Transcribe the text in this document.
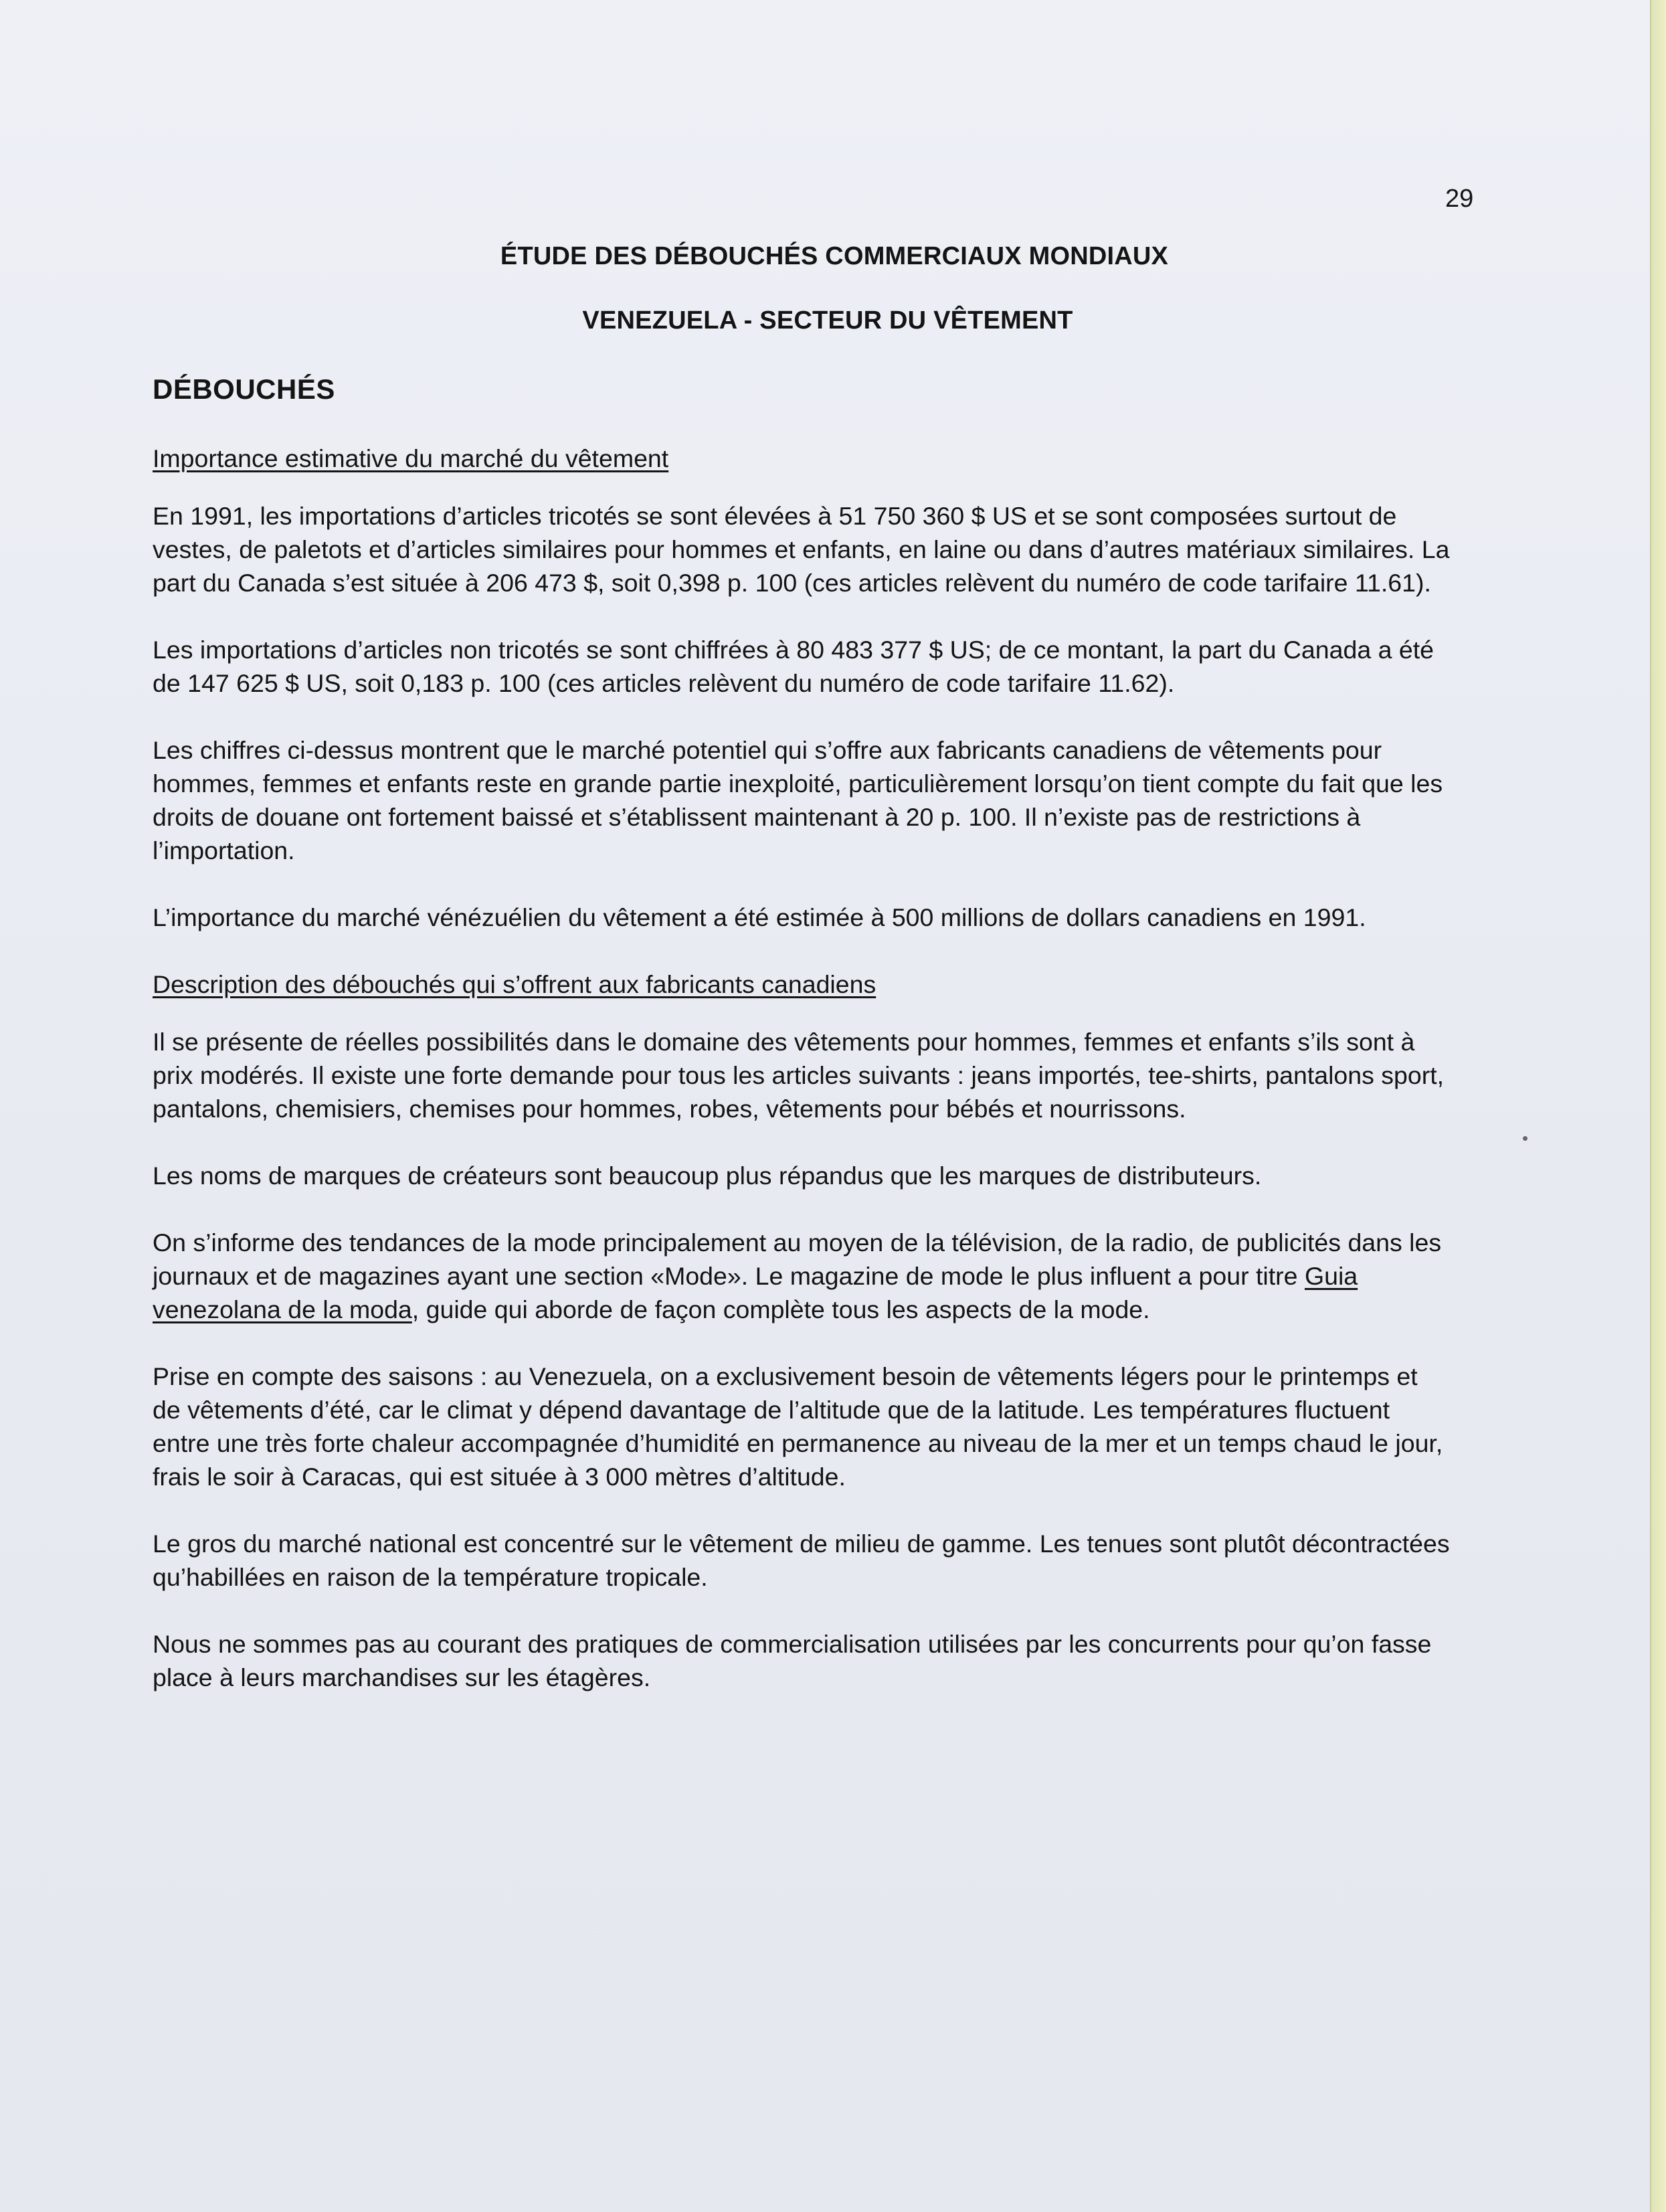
29
ÉTUDE DES DÉBOUCHÉS COMMERCIAUX MONDIAUX
VENEZUELA - SECTEUR DU VÊTEMENT
DÉBOUCHÉS

Importance estimative du marché du vêtement

En 1991, les importations d’articles tricotés se sont élevées à 51 750 360 $ US et se sont composées surtout de vestes, de paletots et d’articles similaires pour hommes et enfants, en laine ou dans d’autres matériaux similaires. La part du Canada s’est située à 206 473 $, soit 0,398 p. 100 (ces articles relèvent du numéro de code tarifaire 11.61).

Les importations d’articles non tricotés se sont chiffrées à 80 483 377 $ US; de ce montant, la part du Canada a été de 147 625 $ US, soit 0,183 p. 100 (ces articles relèvent du numéro de code tarifaire 11.62).

Les chiffres ci-dessus montrent que le marché potentiel qui s’offre aux fabricants canadiens de vêtements pour hommes, femmes et enfants reste en grande partie inexploité, particulièrement lorsqu’on tient compte du fait que les droits de douane ont fortement baissé et s’établissent maintenant à 20 p. 100. Il n’existe pas de restrictions à l’importation.

L’importance du marché vénézuélien du vêtement a été estimée à 500 millions de dollars canadiens en 1991.

Description des débouchés qui s’offrent aux fabricants canadiens

Il se présente de réelles possibilités dans le domaine des vêtements pour hommes, femmes et enfants s’ils sont à prix modérés. Il existe une forte demande pour tous les articles suivants : jeans importés, tee-shirts, pantalons sport, pantalons, chemisiers, chemises pour hommes, robes, vêtements pour bébés et nourrissons.

Les noms de marques de créateurs sont beaucoup plus répandus que les marques de distributeurs.

On s’informe des tendances de la mode principalement au moyen de la télévision, de la radio, de publicités dans les journaux et de magazines ayant une section «Mode». Le magazine de mode le plus influent a pour titre Guia venezolana de la moda, guide qui aborde de façon complète tous les aspects de la mode.

Prise en compte des saisons : au Venezuela, on a exclusivement besoin de vêtements légers pour le printemps et de vêtements d’été, car le climat y dépend davantage de l’altitude que de la latitude. Les températures fluctuent entre une très forte chaleur accompagnée d’humidité en permanence au niveau de la mer et un temps chaud le jour, frais le soir à Caracas, qui est située à 3 000 mètres d’altitude.

Le gros du marché national est concentré sur le vêtement de milieu de gamme. Les tenues sont plutôt décontractées qu’habillées en raison de la température tropicale.

Nous ne sommes pas au courant des pratiques de commercialisation utilisées par les concurrents pour qu’on fasse place à leurs marchandises sur les étagères.
